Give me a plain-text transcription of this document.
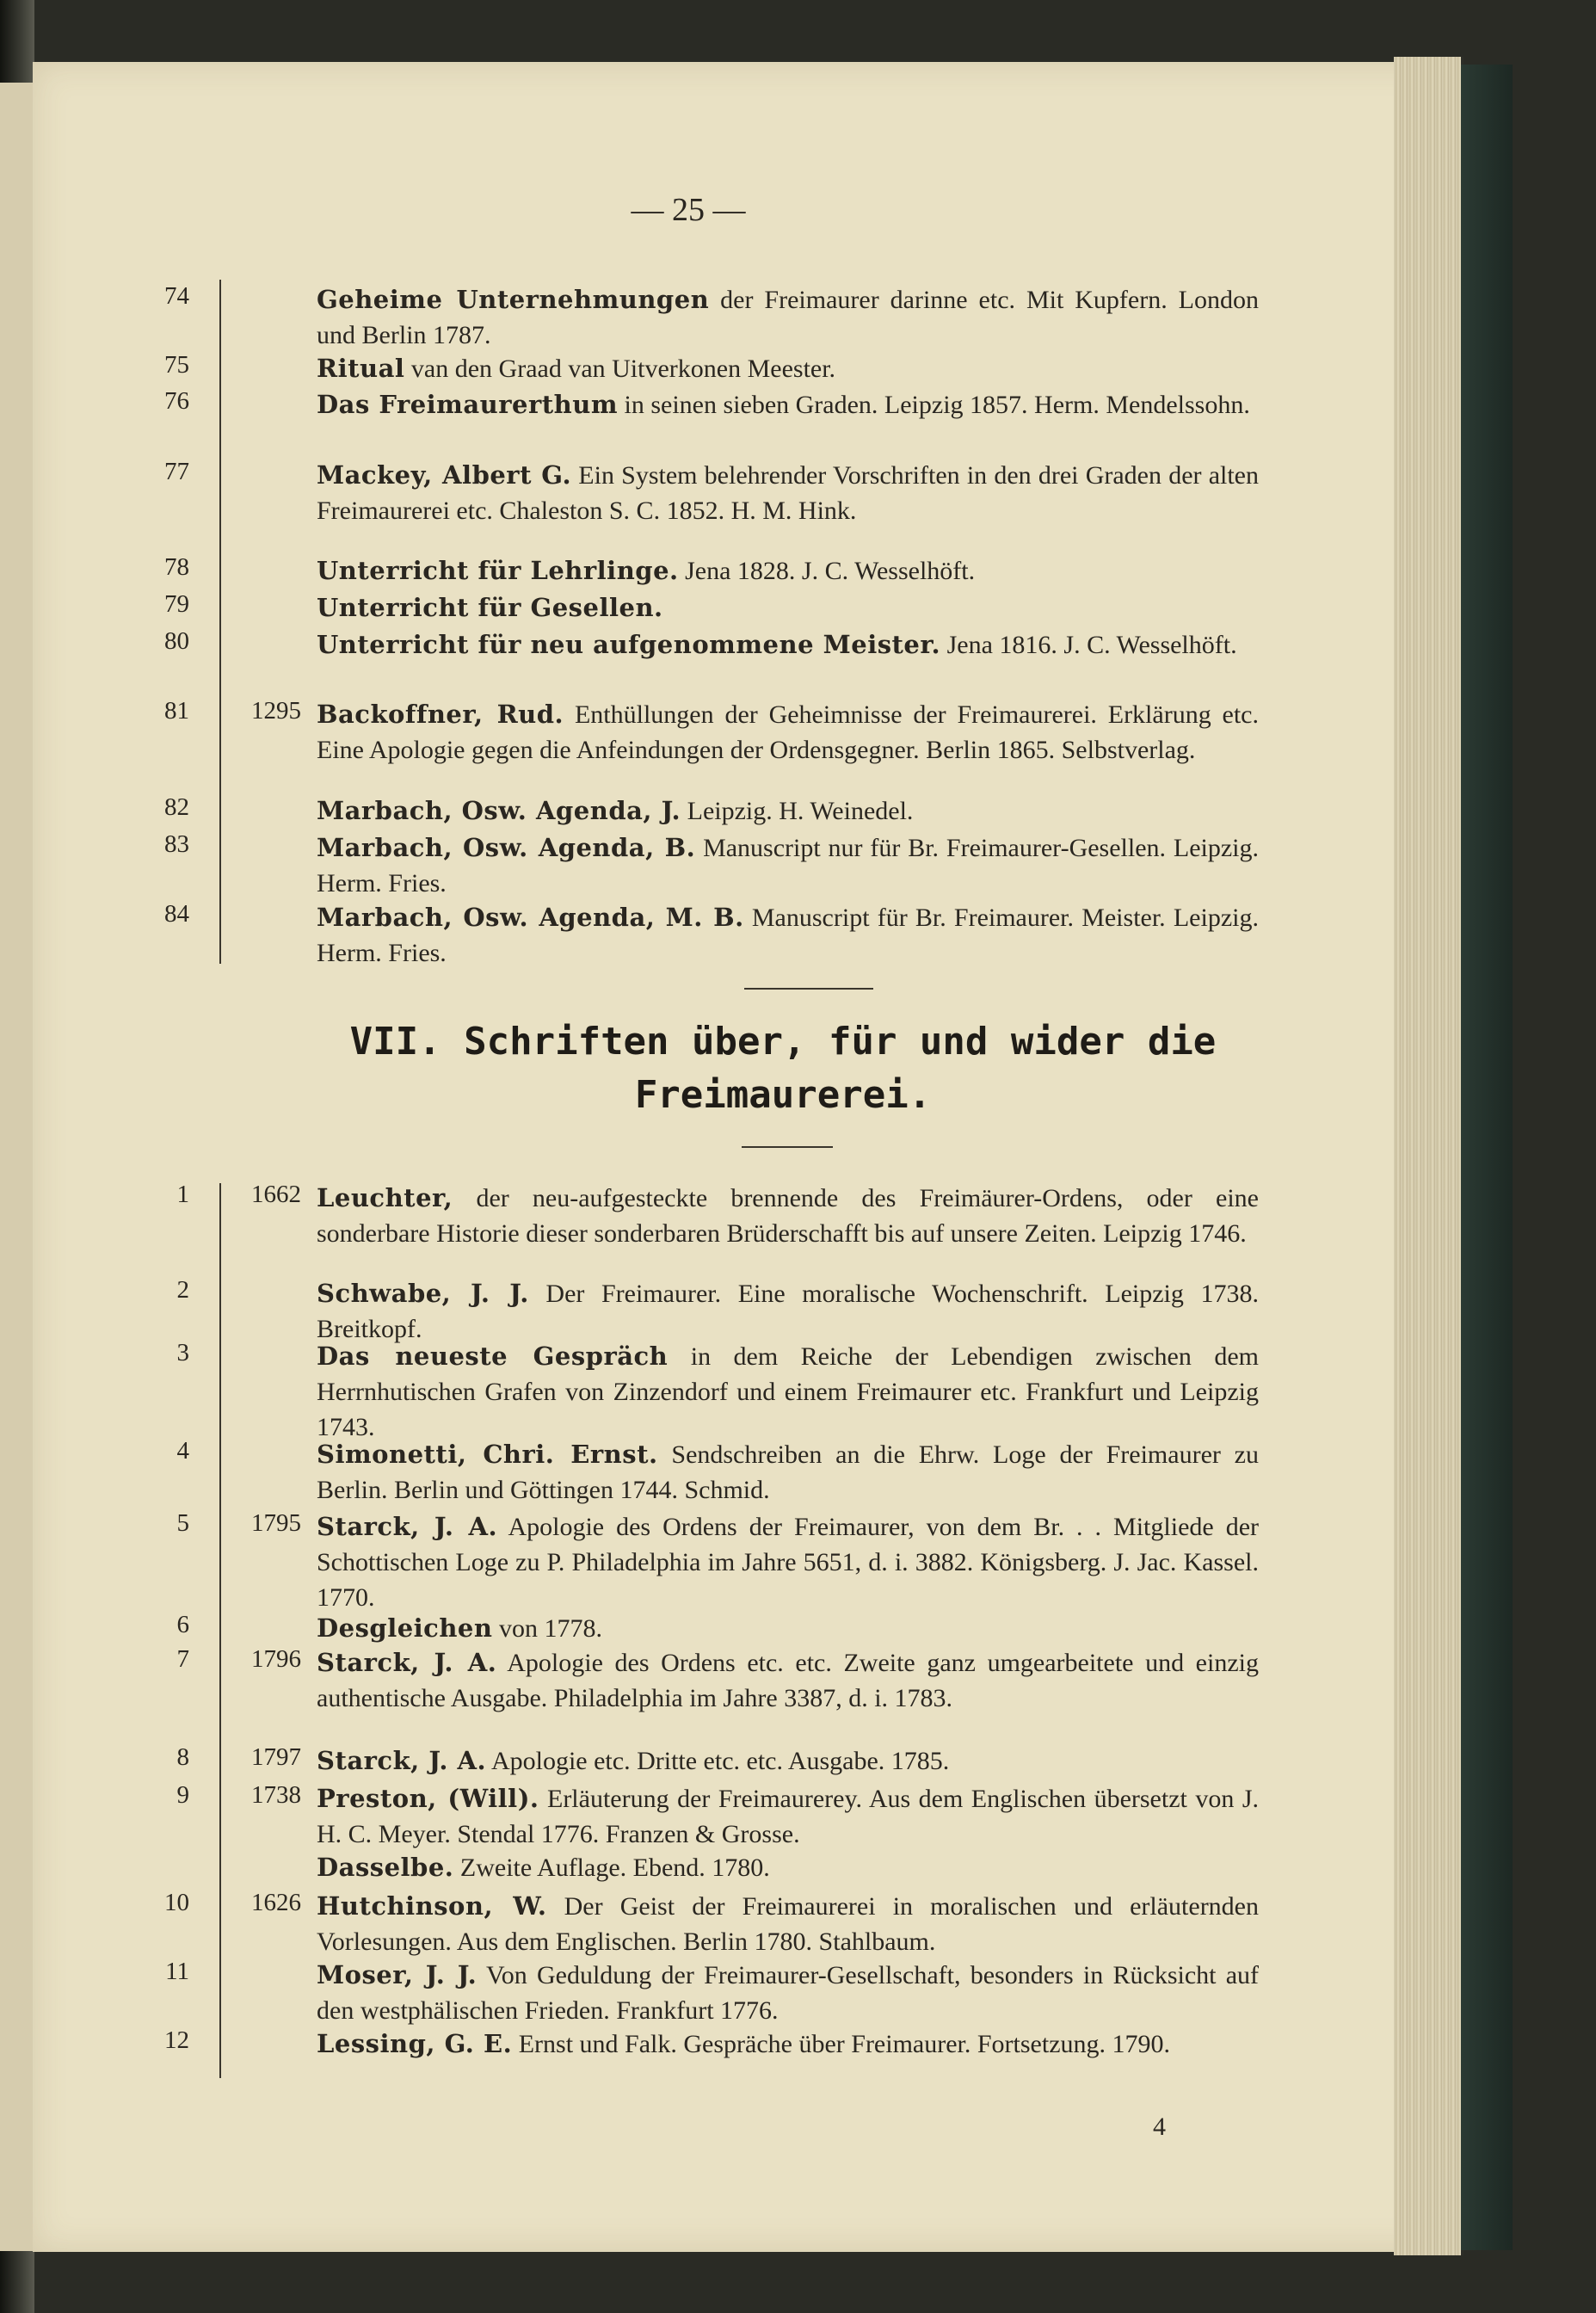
— 25 —
74	Geheime Unternehmungen der Freimaurer darinne etc. Mit Kupfern. London und Berlin 1787.
75	Ritual van den Graad van Uitverkonen Meester.
76	Das Freimaurerthum in seinen sieben Graden. Leipzig 1857. Herm. Mendelssohn.
77	Mackey, Albert G. Ein System belehrender Vorschriften in den drei Graden der alten Freimaurerei etc. Chaleston S. C. 1852. H. M. Hink.
78	Unterricht für Lehrlinge. Jena 1828. J. C. Wesselhöft.
79	Unterricht für Gesellen.
80	Unterricht für neu aufgenommene Meister. Jena 1816. J. C. Wesselhöft.
81	1295 Backoffner, Rud. Enthüllungen der Geheimnisse der Freimaurerei. Erklärung etc. Eine Apologie gegen die Anfeindungen der Ordensgegner. Berlin 1865. Selbstverlag.
82	Marbach, Osw. Agenda, J. Leipzig. H. Weinedel.
83	Marbach, Osw. Agenda, B. Manuscript nur für Br. Freimaurer-Gesellen. Leipzig. Herm. Fries.
84	Marbach, Osw. Agenda, M. B. Manuscript für Br. Freimaurer. Meister. Leipzig. Herm. Fries.
VII. Schriften über, für und wider die
Freimaurerei.
1	1662 Leuchter, der neu-aufgesteckte brennende des Freimäurer-Ordens, oder eine sonderbare Historie dieser sonderbaren Brüderschafft bis auf unsere Zeiten. Leipzig 1746.
2	Schwabe, J. J. Der Freimaurer. Eine moralische Wochenschrift. Leipzig 1738. Breitkopf.
3	Das neueste Gespräch in dem Reiche der Lebendigen zwischen dem Herrnhutischen Grafen von Zinzendorf und einem Freimaurer etc. Frankfurt und Leipzig 1743.
4	Simonetti, Chri. Ernst. Sendschreiben an die Ehrw. Loge der Freimaurer zu Berlin. Berlin und Göttingen 1744. Schmid.
5	1795 Starck, J. A. Apologie des Ordens der Freimaurer, von dem Br. . . Mitgliede der Schottischen Loge zu P. Philadelphia im Jahre 5651, d. i. 3882. Königsberg. J. Jac. Kassel. 1770.
6	Desgleichen von 1778.
7	1796 Starck, J. A. Apologie des Ordens etc. etc. Zweite ganz umgearbeitete und einzig authentische Ausgabe. Philadelphia im Jahre 3387, d. i. 1783.
8	1797 Starck, J. A. Apologie etc. Dritte etc. etc. Ausgabe. 1785.
9	1738 Preston, (Will). Erläuterung der Freimaurerey. Aus dem Englischen übersetzt von J. H. C. Meyer. Stendal 1776. Franzen & Grosse.
Dasselbe. Zweite Auflage. Ebend. 1780.
10	1626 Hutchinson, W. Der Geist der Freimaurerei in moralischen und erläuternden Vorlesungen. Aus dem Englischen. Berlin 1780. Stahlbaum.
11	Moser, J. J. Von Geduldung der Freimaurer-Gesellschaft, besonders in Rücksicht auf den westphälischen Frieden. Frankfurt 1776.
12	Lessing, G. E. Ernst und Falk. Gespräche über Freimaurer. Fortsetzung. 1790.
4
